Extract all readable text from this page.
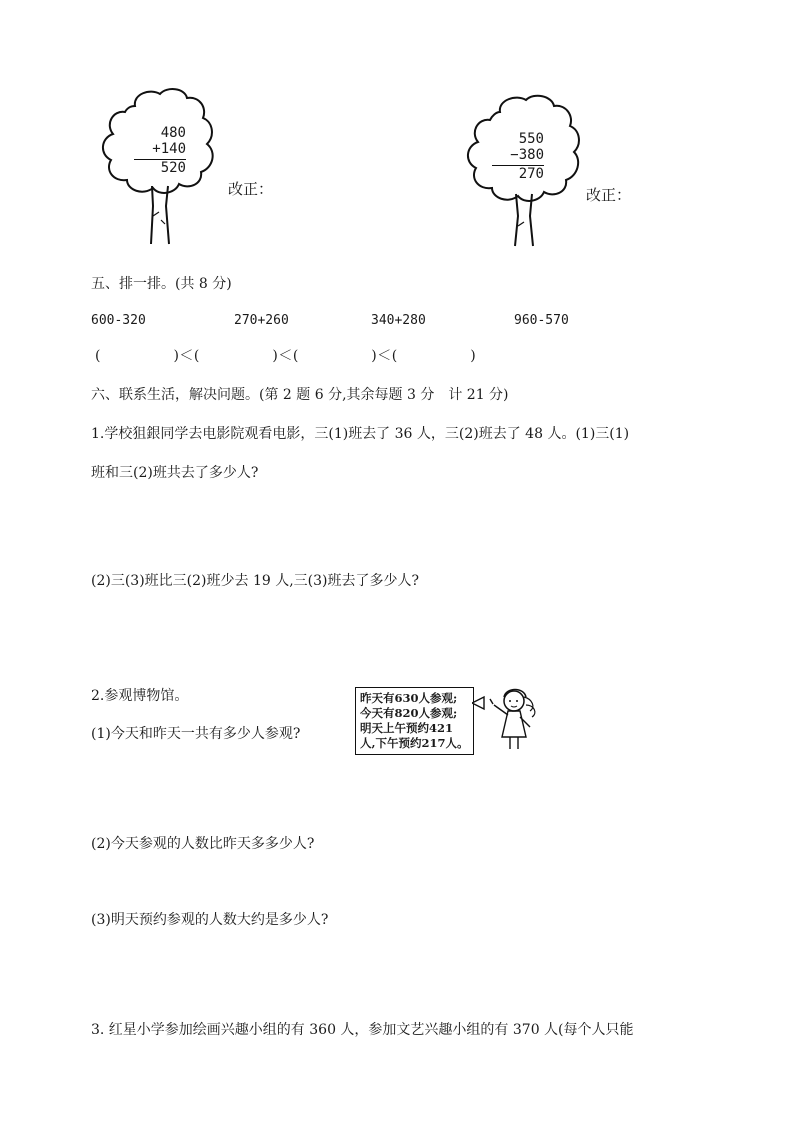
480
+140
520
改正：
550
−380
270
改正：
五、排一排。(共 8 分)
600-320	270+260	340+280	960-570
(　　　　　)＜(　　　　　)＜(　　　　　)＜(　　　　　)
六、联系生活，解决问题。(第 2 题 6 分,其余每题 3 分　计 21 分)
1.学校狙銀同学去电影院观看电影，三(1)班去了 36 人，三(2)班去了 48 人。(1)三(1)
班和三(2)班共去了多少人?
(2)三(3)班比三(2)班少去 19 人,三(3)班去了多少人?
2.参观博物馆。
(1)今天和昨天一共有多少人参观?
昨天有630人参观;
今天有820人参观;
明天上午预约421
人,下午预约217人。
(2)今天参观的人数比昨天多多少人?
(3)明天预约参观的人数大约是多少人?
3. 红星小学参加绘画兴趣小组的有 360 人，参加文艺兴趣小组的有 370 人(每个人只能
